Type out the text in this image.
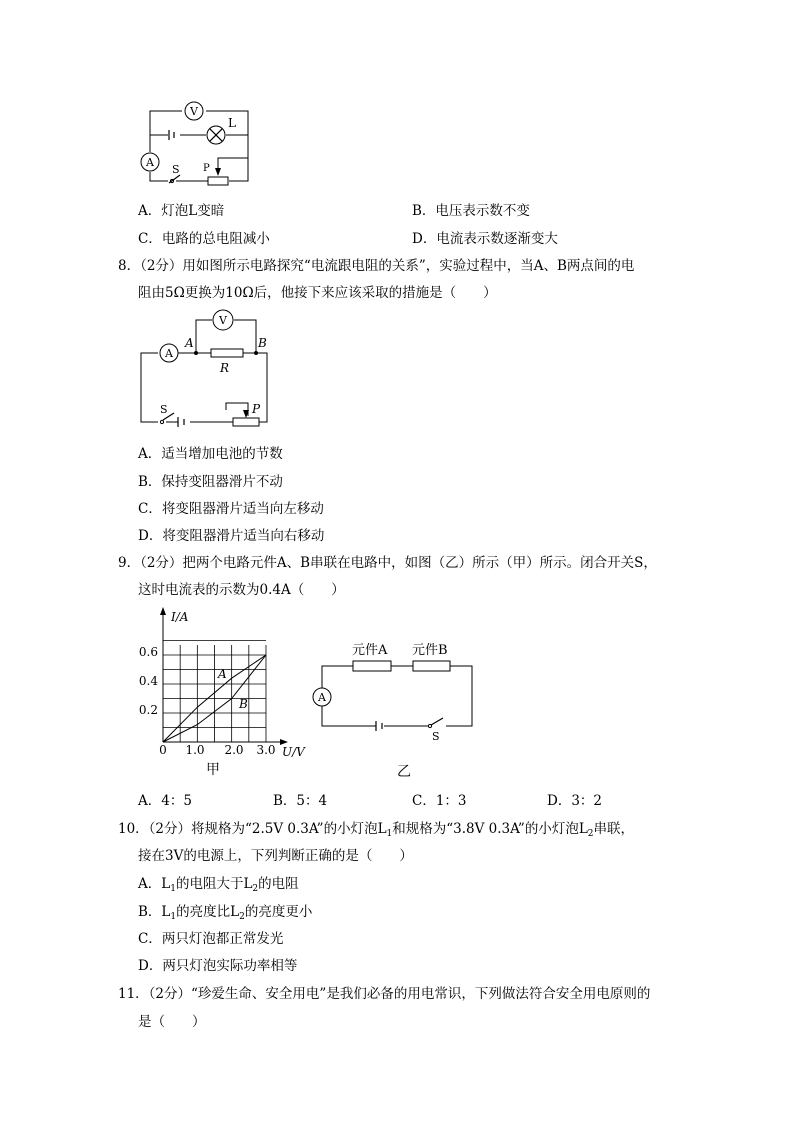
V
A
L
S P
A．灯泡L变暗	B．电压表示数不变
C．电路的总电阻减小	D．电流表示数逐渐变大
8．（2分）用如图所示电路探究“电流跟电阻的关系”，实验过程中，当A、B两点间的电
阻由5Ω更换为10Ω后，他接下来应该采取的措施是（　　）
V
A
A	B
R
S	P
A．适当增加电池的节数
B．保持变阻器滑片不动
C．将变阻器滑片适当向左移动
D．将变阻器滑片适当向右移动
9．（2分）把两个电路元件A、B串联在电路中，如图（乙）所示（甲）所示。闭合开关S，
这时电流表的示数为0.4A（　　）
I/A
U/V
0.6
0.4
0.2
0 1.0 2.0 3.0
A
B
甲
元件A 元件B
A
S
乙
A．4：5	B．5：4	C．1：3	D．3：2
10．（2分）将规格为“2.5V 0.3A”的小灯泡$L_1$和规格为“3.8V 0.3A”的小灯泡$L_2$串联，
接在3V的电源上，下列判断正确的是（　　）
A．$L_1$的电阻大于$L_2$的电阻
B．$L_1$的亮度比$L_2$的亮度更小
C．两只灯泡都正常发光
D．两只灯泡实际功率相等
11．（2分）“珍爱生命、安全用电”是我们必备的用电常识，下列做法符合安全用电原则的
是（　　）
